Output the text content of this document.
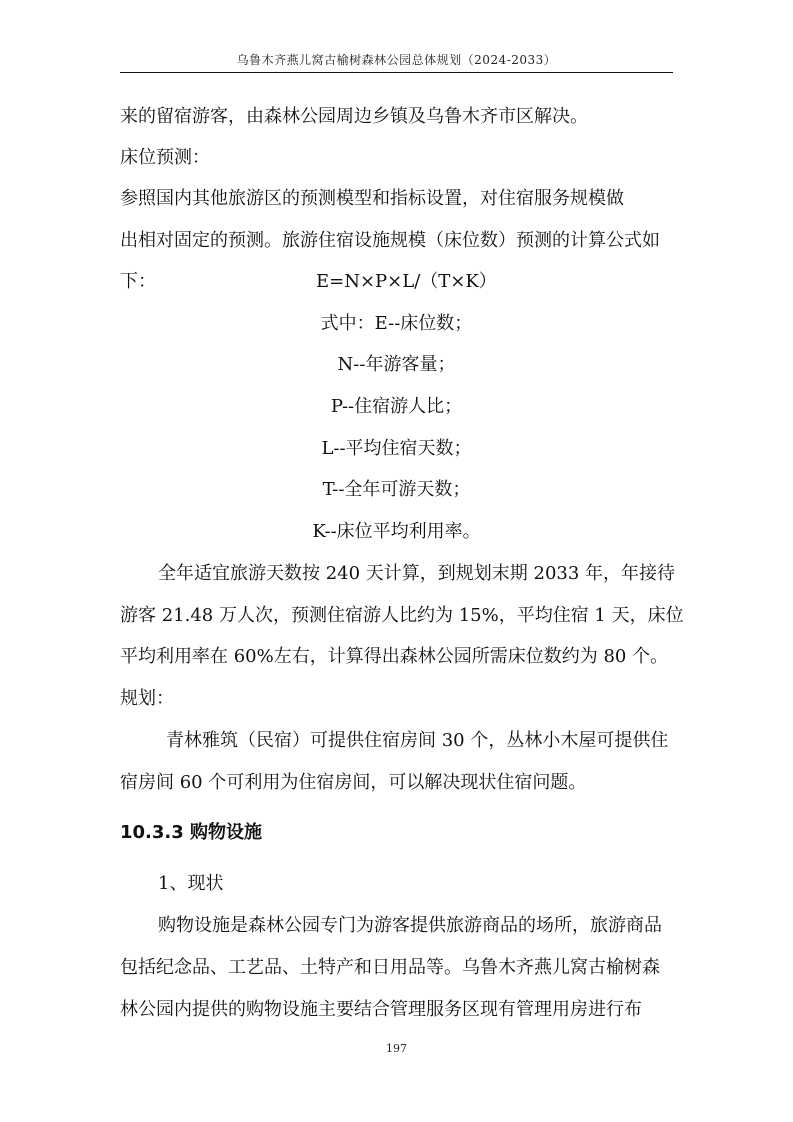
乌鲁木齐燕儿窝古榆树森林公园总体规划（2024-2033）
来的留宿游客，由森林公园周边乡镇及乌鲁木齐市区解决。
床位预测：
参照国内其他旅游区的预测模型和指标设置，对住宿服务规模做
出相对固定的预测。旅游住宿设施规模（床位数）预测的计算公式如
下：	E=N×P×L/（T×K）
式中：E--床位数；
N--年游客量；
P--住宿游人比；
L--平均住宿天数；
T--全年可游天数；
K--床位平均利用率。
全年适宜旅游天数按 240 天计算，到规划末期 2033 年，年接待
游客 21.48 万人次，预测住宿游人比约为 15%，平均住宿 1 天，床位
平均利用率在 60%左右，计算得出森林公园所需床位数约为 80 个。
规划：
青林雅筑（民宿）可提供住宿房间 30 个，丛林小木屋可提供住
宿房间 60 个可利用为住宿房间，可以解决现状住宿问题。
10.3.3 购物设施
1、现状
购物设施是森林公园专门为游客提供旅游商品的场所，旅游商品
包括纪念品、工艺品、土特产和日用品等。乌鲁木齐燕儿窝古榆树森
林公园内提供的购物设施主要结合管理服务区现有管理用房进行布
197
